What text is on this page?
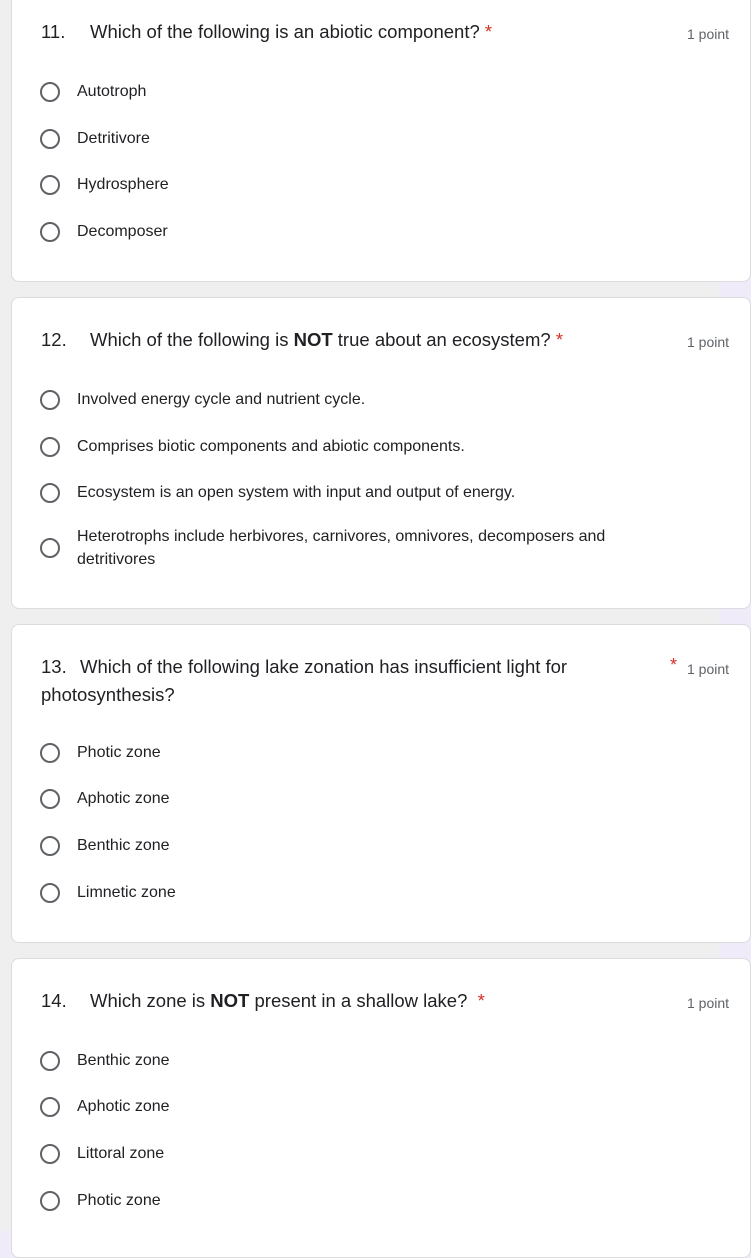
11. Which of the following is an abiotic component? *	1 point
Autotroph
Detritivore
Hydrosphere
Decomposer
12. Which of the following is NOT true about an ecosystem? *	1 point
Involved energy cycle and nutrient cycle.
Comprises biotic components and abiotic components.
Ecosystem is an open system with input and output of energy.
Heterotrophs include herbivores, carnivores, omnivores, decomposers and detritivores
13. Which of the following lake zonation has insufficient light for
photosynthesis?
* 1 point
Photic zone
Aphotic zone
Benthic zone
Limnetic zone
14. Which zone is NOT present in a shallow lake? *	1 point
Benthic zone
Aphotic zone
Littoral zone
Photic zone
